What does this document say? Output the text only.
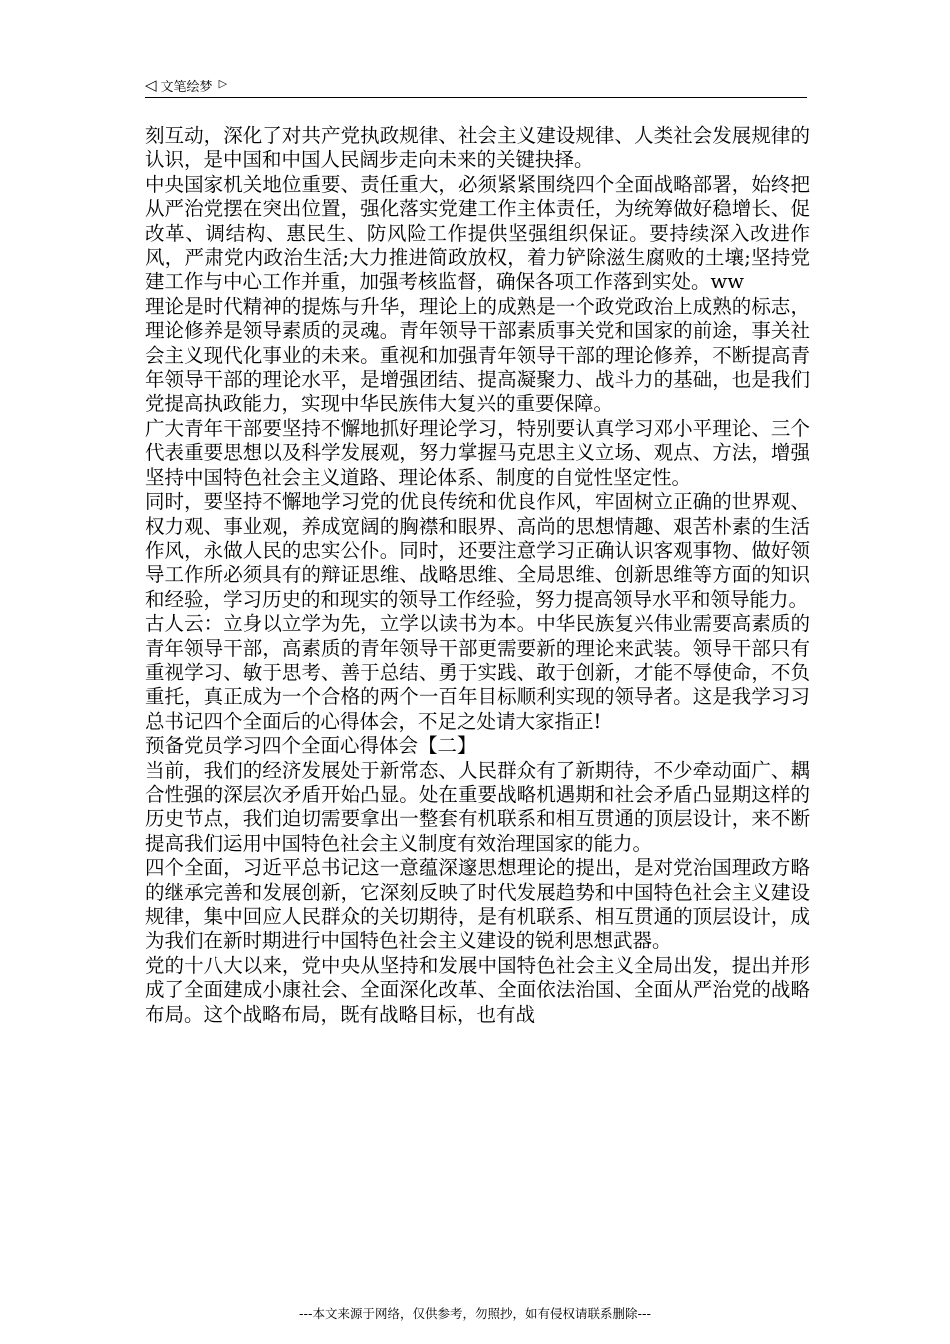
◁ 文笔绘梦 ▷

刻互动，深化了对共产党执政规律、社会主义建设规律、人类社会发展规律的认识，是中国和中国人民阔步走向未来的关键抉择。

中央国家机关地位重要、责任重大，必须紧紧围绕四个全面战略部署，始终把从严治党摆在突出位置，强化落实党建工作主体责任，为统筹做好稳增长、促改革、调结构、惠民生、防风险工作提供坚强组织保证。要持续深入改进作风，严肃党内政治生活;大力推进简政放权，着力铲除滋生腐败的土壤;坚持党建工作与中心工作并重，加强考核监督，确保各项工作落到实处。ww

理论是时代精神的提炼与升华，理论上的成熟是一个政党政治上成熟的标志，理论修养是领导素质的灵魂。青年领导干部素质事关党和国家的前途，事关社会主义现代化事业的未来。重视和加强青年领导干部的理论修养，不断提高青年领导干部的理论水平，是增强团结、提高凝聚力、战斗力的基础，也是我们党提高执政能力，实现中华民族伟大复兴的重要保障。

广大青年干部要坚持不懈地抓好理论学习，特别要认真学习邓小平理论、三个代表重要思想以及科学发展观，努力掌握马克思主义立场、观点、方法，增强坚持中国特色社会主义道路、理论体系、制度的自觉性坚定性。

同时，要坚持不懈地学习党的优良传统和优良作风，牢固树立正确的世界观、权力观、事业观，养成宽阔的胸襟和眼界、高尚的思想情趣、艰苦朴素的生活作风，永做人民的忠实公仆。同时，还要注意学习正确认识客观事物、做好领导工作所必须具有的辩证思维、战略思维、全局思维、创新思维等方面的知识和经验，学习历史的和现实的领导工作经验，努力提高领导水平和领导能力。

古人云：立身以立学为先，立学以读书为本。中华民族复兴伟业需要高素质的青年领导干部，高素质的青年领导干部更需要新的理论来武装。领导干部只有重视学习、敏于思考、善于总结、勇于实践、敢于创新，才能不辱使命，不负重托，真正成为一个合格的两个一百年目标顺利实现的领导者。这是我学习习总书记四个全面后的心得体会，不足之处请大家指正!

预备党员学习四个全面心得体会【二】

当前，我们的经济发展处于新常态、人民群众有了新期待，不少牵动面广、耦合性强的深层次矛盾开始凸显。处在重要战略机遇期和社会矛盾凸显期这样的历史节点，我们迫切需要拿出一整套有机联系和相互贯通的顶层设计，来不断提高我们运用中国特色社会主义制度有效治理国家的能力。

四个全面，习近平总书记这一意蕴深邃思想理论的提出，是对党治国理政方略的继承完善和发展创新，它深刻反映了时代发展趋势和中国特色社会主义建设规律，集中回应人民群众的关切期待，是有机联系、相互贯通的顶层设计，成为我们在新时期进行中国特色社会主义建设的锐利思想武器。

党的十八大以来，党中央从坚持和发展中国特色社会主义全局出发，提出并形成了全面建成小康社会、全面深化改革、全面依法治国、全面从严治党的战略布局。这个战略布局，既有战略目标，也有战

---本文来源于网络，仅供参考，勿照抄，如有侵权请联系删除---
